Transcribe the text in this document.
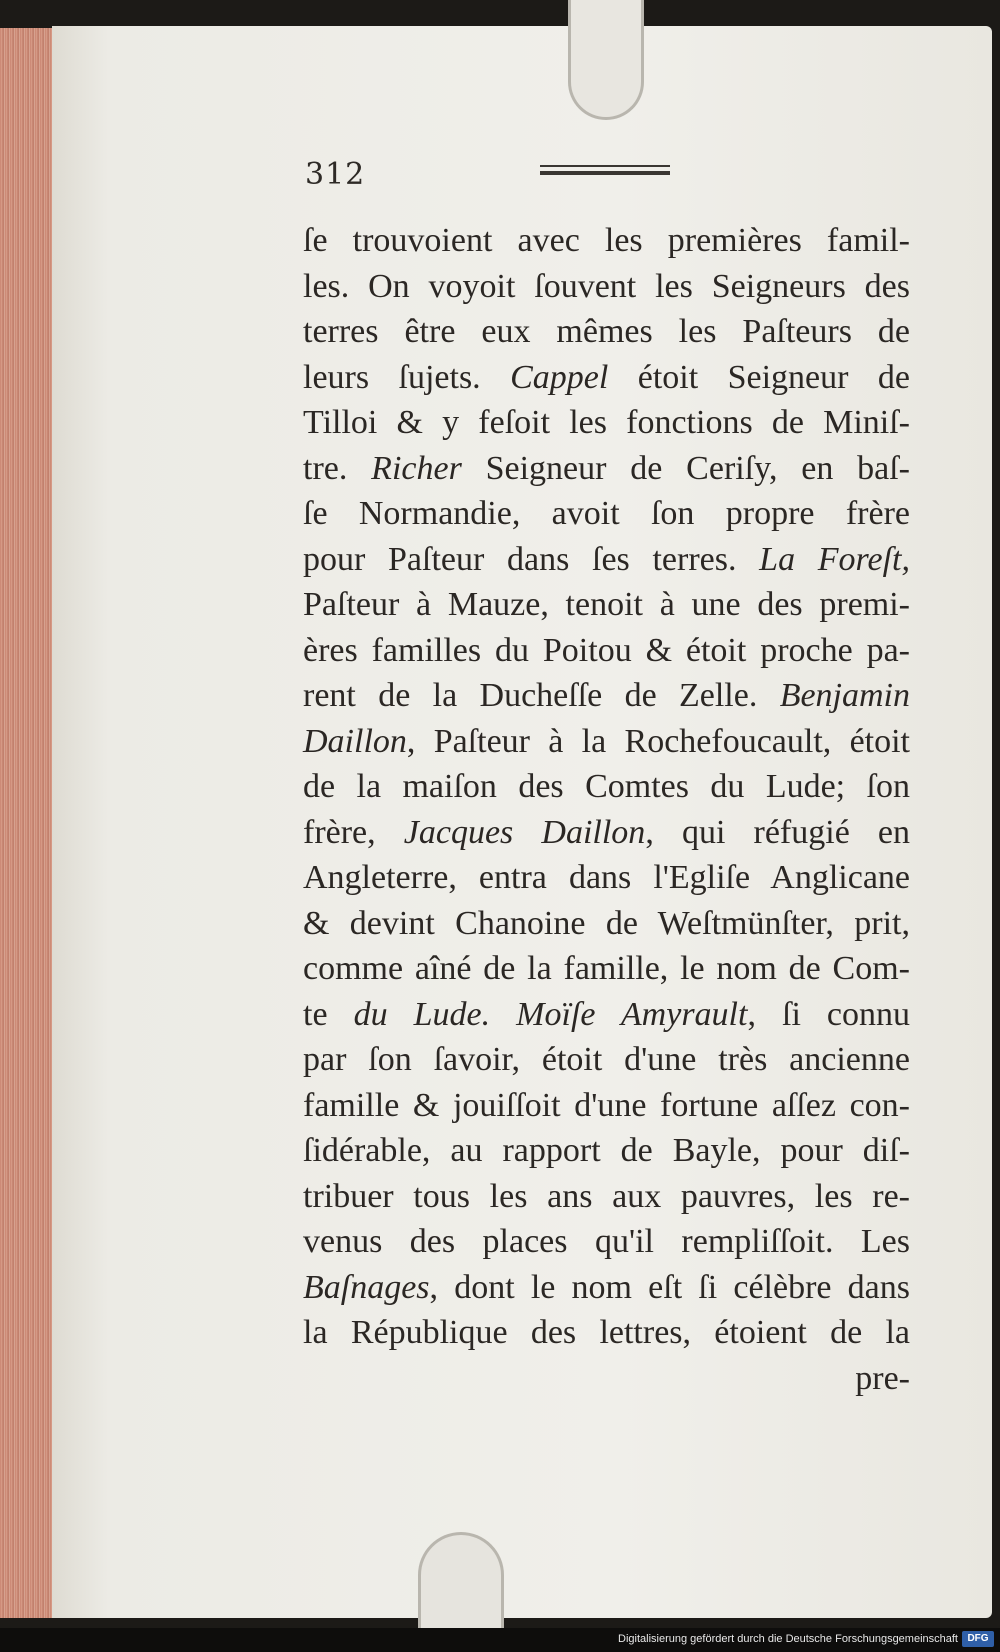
312
ſe trouvoient avec les premières famil-
les. On voyoit ſouvent les Seigneurs des
terres être eux mêmes les Paſteurs de
leurs ſujets. Cappel étoit Seigneur de
Tilloi & y feſoit les fonctions de Miniſ-
tre. Richer Seigneur de Ceriſy, en baſ-
ſe Normandie, avoit ſon propre frère
pour Paſteur dans ſes terres. La Foreſt,
Paſteur à Mauze, tenoit à une des premi-
ères familles du Poitou & étoit proche pa-
rent de la Ducheſſe de Zelle. Benjamin
Daillon, Paſteur à la Rochefoucault, étoit
de la maiſon des Comtes du Lude; ſon
frère, Jacques Daillon, qui réfugié en
Angleterre, entra dans l'Egliſe Anglicane
& devint Chanoine de Weſtmünſter, prit,
comme aîné de la famille, le nom de Com-
te du Lude. Moïſe Amyrault, ſi connu
par ſon ſavoir, étoit d'une très ancienne
famille & jouiſſoit d'une fortune aſſez con-
ſidérable, au rapport de Bayle, pour diſ-
tribuer tous les ans aux pauvres, les re-
venus des places qu'il rempliſſoit. Les
Baſnages, dont le nom eſt ſi célèbre dans
la République des lettres, étoient de la
pre-
Digitalisierung gefördert durch die Deutsche Forschungsgemeinschaft DFG
